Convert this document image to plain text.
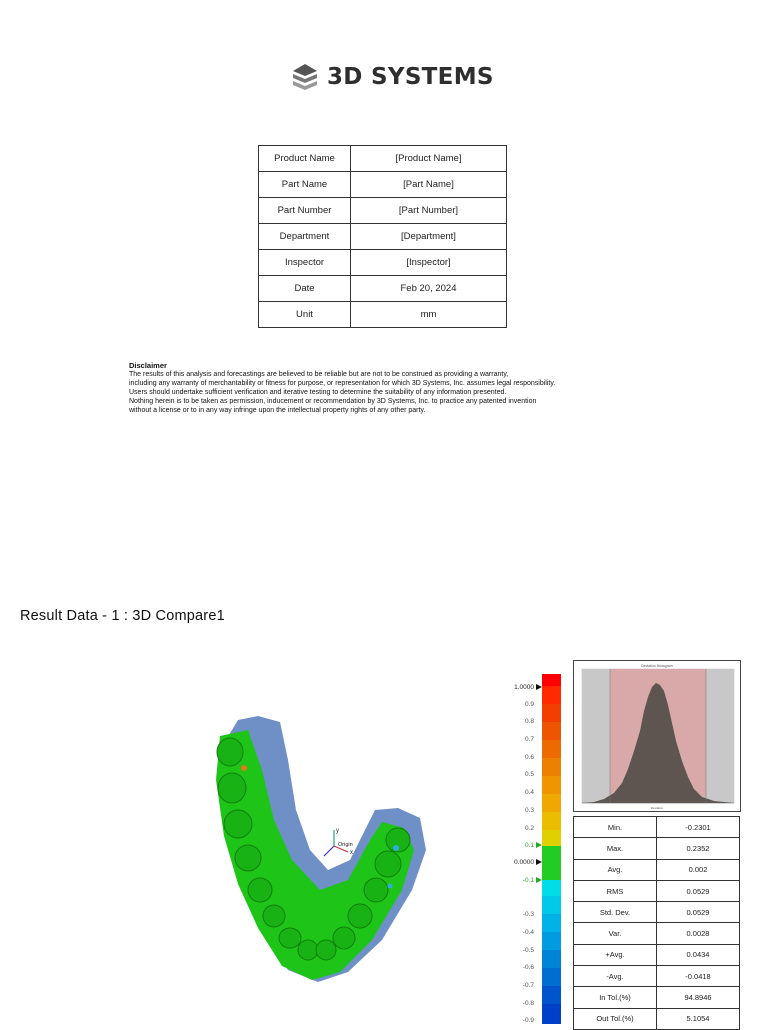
3D SYSTEMS
Product Name	[Product Name]
Part Name	[Part Name]
Part Number	[Part Number]
Department	[Department]
Inspector	[Inspector]
Date	Feb 20, 2024
Unit	mm
Disclaimer
The results of this analysis and forecastings are believed to be reliable but are not to be construed as providing a warranty,
including any warranty of merchantability or fitness for purpose, or representation for which 3D Systems, Inc. assumes legal responsibility.
Users should undertake sufficient verification and iterative testing to determine the suitability of any information presented.
Nothing herein is to be taken as permission, inducement or recommendation by 3D Systems, Inc. to practice any patented invention
without a license or to in any way infringe upon the intellectual property rights of any other party.
Result Data - 1 : 3D Compare1
y
x
Origin
1.0000
0.9
0.8
0.7
0.6
0.5
0.4
0.3
0.2
0.1
0.0000
-0.1
-0.3
-0.4
-0.5
-0.6
-0.7
-0.8
-0.9
Deviation Histogram
Deviation
Min.	-0.2301
Max.	0.2352
Avg.	0.002
RMS	0.0529
Std. Dev.	0.0529
Var.	0.0028
+Avg.	0.0434
-Avg.	-0.0418
In Tol.(%)	94.8946
Out Tol.(%)	5.1054
